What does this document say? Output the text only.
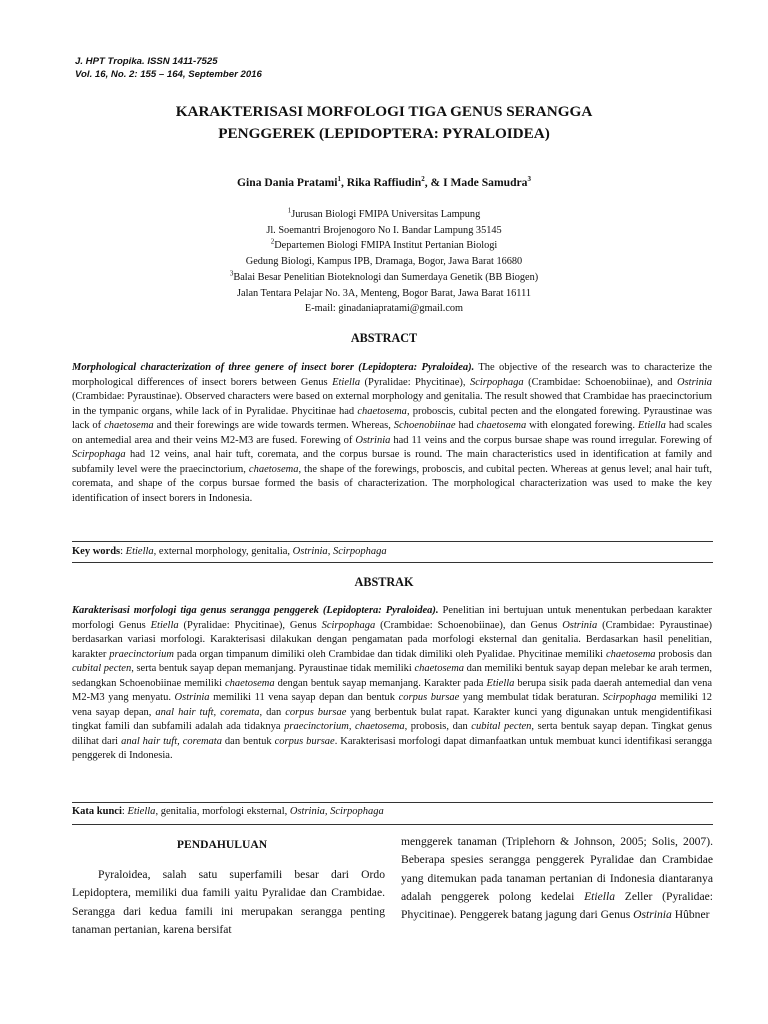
J. HPT Tropika. ISSN 1411-7525
Vol. 16, No. 2: 155 – 164, September 2016
KARAKTERISASI MORFOLOGI TIGA GENUS SERANGGA
PENGGEREK (LEPIDOPTERA: PYRALOIDEA)
Gina Dania Pratami$^1$, Rika Raffiudin$^2$, & I Made Samudra$^3$
$^1$Jurusan Biologi FMIPA Universitas Lampung
Jl. Soemantri Brojenogoro No I. Bandar Lampung 35145
$^2$Departemen Biologi FMIPA Institut Pertanian Biologi
Gedung Biologi, Kampus IPB, Dramaga, Bogor, Jawa Barat 16680
$^3$Balai Besar Penelitian Bioteknologi dan Sumerdaya Genetik (BB Biogen)
Jalan Tentara Pelajar No. 3A, Menteng, Bogor Barat, Jawa Barat 16111
E-mail: ginadaniapratami@gmail.com
ABSTRACT
Morphological characterization of three genere of insect borer (Lepidoptera: Pyraloidea). The objective of the research was to characterize the morphological differences of insect borers between Genus Etiella (Pyralidae: Phycitinae), Scirpophaga (Crambidae: Schoenobiinae), and Ostrinia (Crambidae: Pyraustinae). Observed characters were based on external morphology and genitalia. The result showed that Crambidae has praecinctorium in the tympanic organs, while lack of in Pyralidae. Phycitinae had chaetosema, proboscis, cubital pecten and the elongated forewing. Pyraustinae was lack of chaetosema and their forewings are wide towards termen. Whereas, Schoenobiinae had chaetosema with elongated forewing. Etiella had scales on antemedial area and their veins M2-M3 are fused. Forewing of Ostrinia had 11 veins and the corpus bursae shape was round irregular. Forewing of Scirpophaga had 12 veins, anal hair tuft, coremata, and the corpus bursae is round. The main characteristics used in identification at family and subfamily level were the praecinctorium, chaetosema, the shape of the forewings, proboscis, and cubital pecten. Whereas at genus level; anal hair tuft, coremata, and shape of the corpus bursae formed the basis of characterization. The morphological characterization was used to make the key identification of insect borers in Indonesia.
Key words: Etiella, external morphology, genitalia, Ostrinia, Scirpophaga
ABSTRAK
Karakterisasi morfologi tiga genus serangga penggerek (Lepidoptera: Pyraloidea). Penelitian ini bertujuan untuk menentukan perbedaan karakter morfologi Genus Etiella (Pyralidae: Phycitinae), Genus Scirpophaga (Crambidae: Schoenobiinae), dan Genus Ostrinia (Crambidae: Pyraustinae) berdasarkan variasi morfologi. Karakterisasi dilakukan dengan pengamatan pada morfologi eksternal dan genitalia. Berdasarkan hasil penelitian, karakter praecinctorium pada organ timpanum dimiliki oleh Crambidae dan tidak dimiliki oleh Pyalidae. Phycitinae memiliki chaetosema probosis dan cubital pecten, serta bentuk sayap depan memanjang. Pyraustinae tidak memiliki chaetosema dan memiliki bentuk sayap depan melebar ke arah termen, sedangkan Schoenobiinae memiliki chaetosema dengan bentuk sayap memanjang. Karakter pada Etiella berupa sisik pada daerah antemedial dan vena M2-M3 yang menyatu. Ostrinia memiliki 11 vena sayap depan dan bentuk corpus bursae yang membulat tidak beraturan. Scirpophaga memiliki 12 vena sayap depan, anal hair tuft, coremata, dan corpus bursae yang berbentuk bulat rapat. Karakter kunci yang digunakan untuk mengidentifikasi tingkat famili dan subfamili adalah ada tidaknya praecinctorium, chaetosema, probosis, dan cubital pecten, serta bentuk sayap depan. Tingkat genus dilihat dari anal hair tuft, coremata dan bentuk corpus bursae. Karakterisasi morfologi dapat dimanfaatkan untuk membuat kunci identifikasi serangga penggerek di Indonesia.
Kata kunci: Etiella, genitalia, morfologi eksternal, Ostrinia, Scirpophaga
PENDAHULUAN
Pyraloidea, salah satu superfamili besar dari Ordo Lepidoptera, memiliki dua famili yaitu Pyralidae dan Crambidae. Serangga dari kedua famili ini merupakan serangga penting tanaman pertanian, karena bersifat
menggerek tanaman (Triplehorn & Johnson, 2005; Solis, 2007). Beberapa spesies serangga penggerek Pyralidae dan Crambidae yang ditemukan pada tanaman pertanian di Indonesia diantaranya adalah penggerek polong kedelai Etiella Zeller (Pyralidae: Phycitinae). Penggerek batang jagung dari Genus Ostrinia Hûbner
